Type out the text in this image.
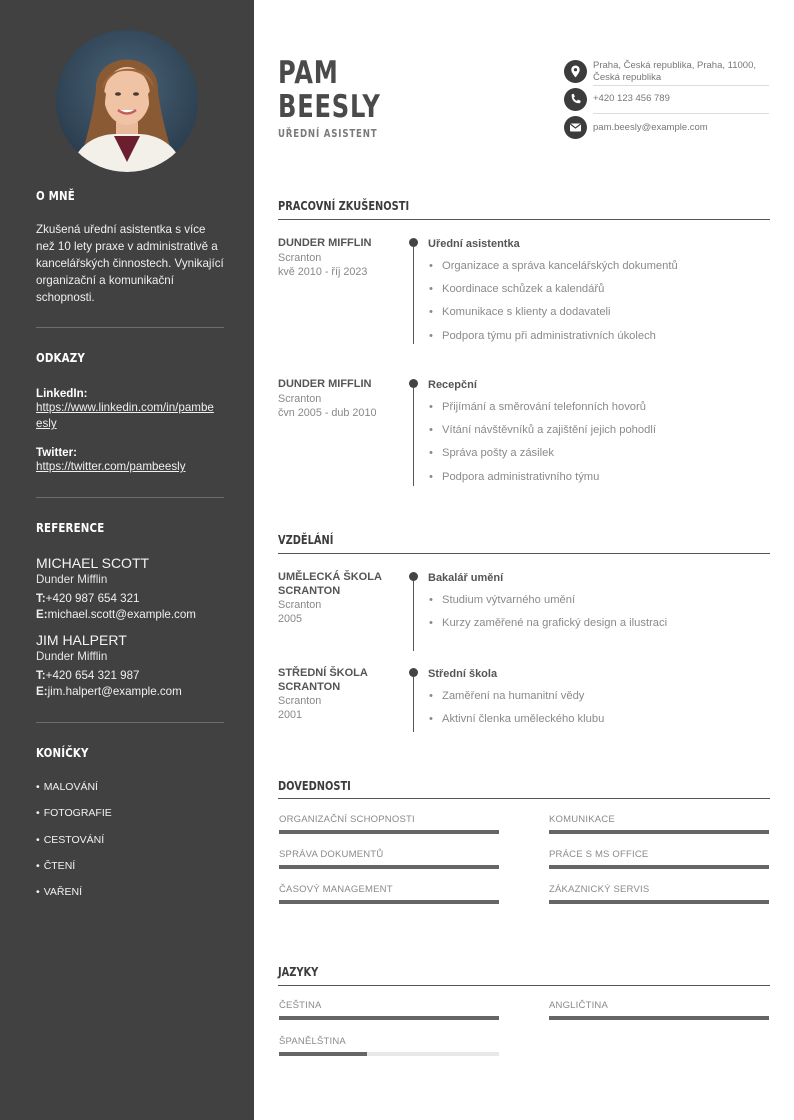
O MNĚ

Zkušená uřední asistentka s více než 10 lety praxe v administrativě a kancelářských činnostech. Vynikající organizační a komunikační schopnosti.

ODKAZY
LinkedIn:
https://www.linkedin.com/in/pambeesly
Twitter:
https://twitter.com/pambeesly
REFERENCE
MICHAEL SCOTT
Dunder Mifflin
T:+420 987 654 321
E:michael.scott@example.com
JIM HALPERT
Dunder Mifflin
T:+420 654 321 987
E:jim.halpert@example.com
KONÍČKY
• MALOVÁNÍ
• FOTOGRAFIE
• CESTOVÁNÍ
• ČTENÍ
• VAŘENÍ
PAM
BEESLY
UŘEDNÍ ASISTENT
Praha, Česká republika, Praha, 11000, Česká republika
+420 123 456 789
pam.beesly@example.com
PRACOVNÍ ZKUŠENOSTI
DUNDER MIFFLIN
Scranton
kvě 2010 - říj 2023
Uřední asistentka
• Organizace a správa kancelářských dokumentů
• Koordinace schůzek a kalendářů
• Komunikace s klienty a dodavateli
• Podpora týmu při administrativních úkolech
DUNDER MIFFLIN
Scranton
čvn 2005 - dub 2010
Recepční
• Přijímání a směrování telefonních hovorů
• Vítání návštěvníků a zajištění jejich pohodlí
• Správa pošty a zásilek
• Podpora administrativního týmu
VZDĚLÁNÍ
UMĚLECKÁ ŠKOLA SCRANTON
Scranton
2005
Bakalář umění
• Studium výtvarného umění
• Kurzy zaměřené na grafický design a ilustraci
STŘEDNÍ ŠKOLA SCRANTON
Scranton
2001
Střední škola
• Zaměření na humanitní vědy
• Aktivní členka uměleckého klubu
DOVEDNOSTI
ORGANIZAČNÍ SCHOPNOSTI	KOMUNIKACE
SPRÁVA DOKUMENTŮ	PRÁCE S MS OFFICE
ČASOVÝ MANAGEMENT	ZÁKAZNICKÝ SERVIS
JAZYKY
ČEŠTINA	ANGLIČTINA
ŠPANĚLŠTINA
